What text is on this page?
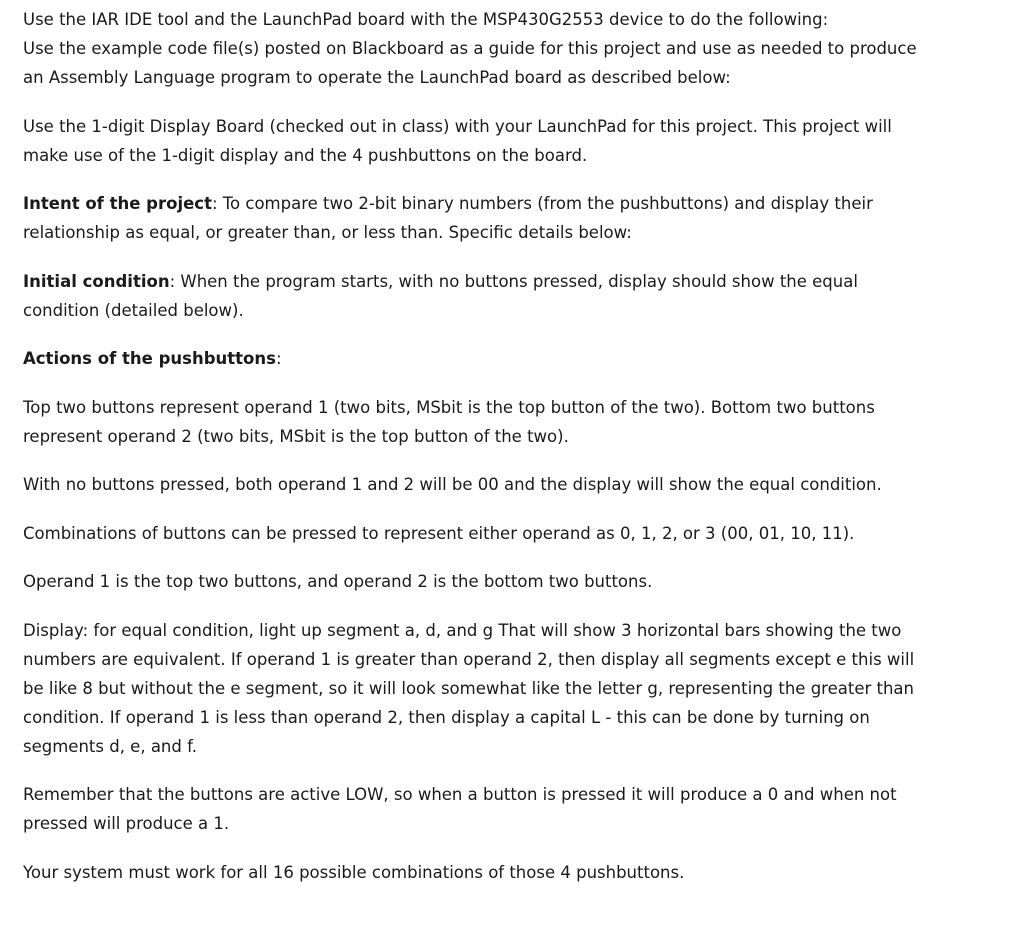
Use the IAR IDE tool and the LaunchPad board with the MSP430G2553 device to do the following:
Use the example code file(s) posted on Blackboard as a guide for this project and use as needed to produce an Assembly Language program to operate the LaunchPad board as described below:
Use the 1-digit Display Board (checked out in class) with your LaunchPad for this project. This project will make use of the 1-digit display and the 4 pushbuttons on the board.
Intent of the project: To compare two 2-bit binary numbers (from the pushbuttons) and display their relationship as equal, or greater than, or less than. Specific details below:
Initial condition: When the program starts, with no buttons pressed, display should show the equal condition (detailed below).
Actions of the pushbuttons:
Top two buttons represent operand 1 (two bits, MSbit is the top button of the two). Bottom two buttons represent operand 2 (two bits, MSbit is the top button of the two).
With no buttons pressed, both operand 1 and 2 will be 00 and the display will show the equal condition.
Combinations of buttons can be pressed to represent either operand as 0, 1, 2, or 3 (00, 01, 10, 11).
Operand 1 is the top two buttons, and operand 2 is the bottom two buttons.
Display: for equal condition, light up segment a, d, and g That will show 3 horizontal bars showing the two numbers are equivalent. If operand 1 is greater than operand 2, then display all segments except e this will be like 8 but without the e segment, so it will look somewhat like the letter g, representing the greater than condition. If operand 1 is less than operand 2, then display a capital L - this can be done by turning on segments d, e, and f.
Remember that the buttons are active LOW, so when a button is pressed it will produce a 0 and when not pressed will produce a 1.
Your system must work for all 16 possible combinations of those 4 pushbuttons.
